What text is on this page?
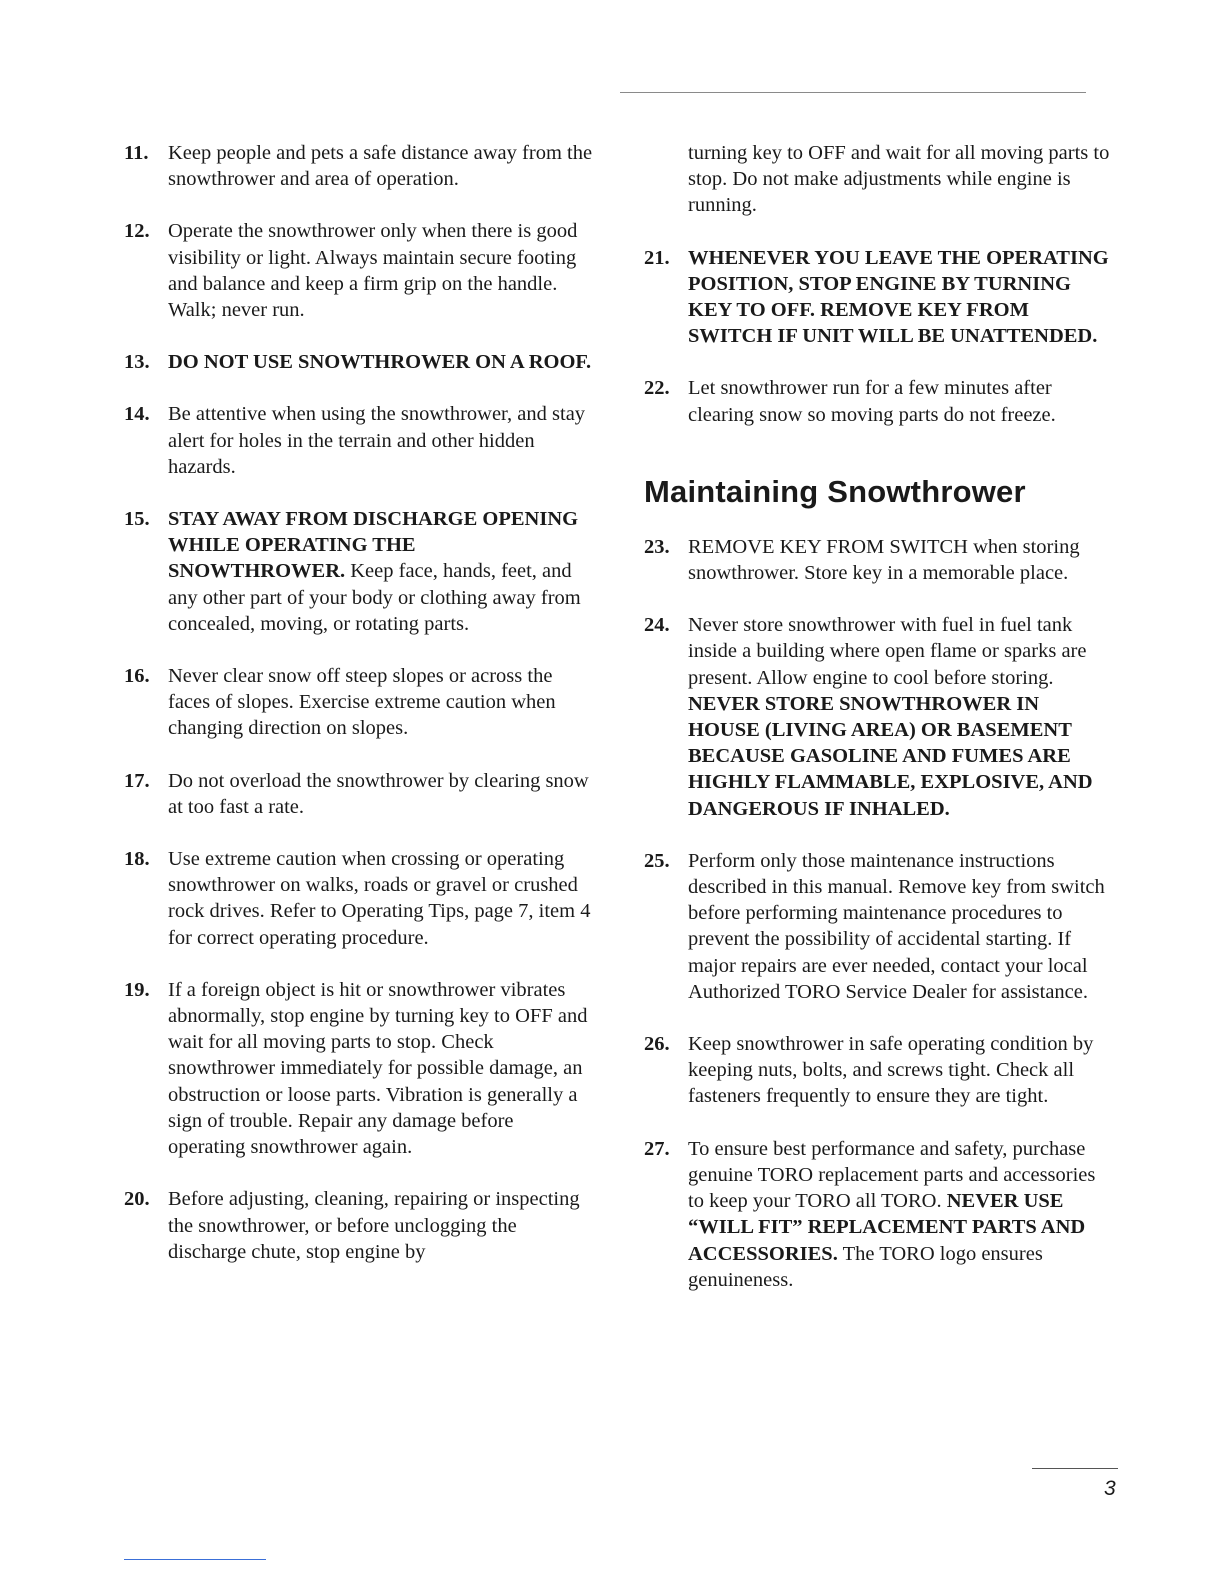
11. Keep people and pets a safe distance away from the snowthrower and area of operation.
12. Operate the snowthrower only when there is good visibility or light. Always maintain secure footing and balance and keep a firm grip on the handle. Walk; never run.
13. DO NOT USE SNOWTHROWER ON A ROOF.
14. Be attentive when using the snowthrower, and stay alert for holes in the terrain and other hidden hazards.
15. STAY AWAY FROM DISCHARGE OPENING WHILE OPERATING THE SNOWTHROWER. Keep face, hands, feet, and any other part of your body or clothing away from concealed, moving, or rotating parts.
16. Never clear snow off steep slopes or across the faces of slopes. Exercise extreme caution when changing direction on slopes.
17. Do not overload the snowthrower by clearing snow at too fast a rate.
18. Use extreme caution when crossing or operating snowthrower on walks, roads or gravel or crushed rock drives. Refer to Operating Tips, page 7, item 4 for correct operating procedure.
19. If a foreign object is hit or snowthrower vibrates abnormally, stop engine by turning key to OFF and wait for all moving parts to stop. Check snowthrower immediately for possible damage, an obstruction or loose parts. Vibration is generally a sign of trouble. Repair any damage before operating snowthrower again.
20. Before adjusting, cleaning, repairing or inspecting the snowthrower, or before unclogging the discharge chute, stop engine by
turning key to OFF and wait for all moving parts to stop. Do not make adjustments while engine is running.
21. WHENEVER YOU LEAVE THE OPERATING POSITION, STOP ENGINE BY TURNING KEY TO OFF. REMOVE KEY FROM SWITCH IF UNIT WILL BE UNATTENDED.
22. Let snowthrower run for a few minutes after clearing snow so moving parts do not freeze.
Maintaining Snowthrower
23. REMOVE KEY FROM SWITCH when storing snowthrower. Store key in a memorable place.
24. Never store snowthrower with fuel in fuel tank inside a building where open flame or sparks are present. Allow engine to cool before storing. NEVER STORE SNOWTHROWER IN HOUSE (LIVING AREA) OR BASEMENT BECAUSE GASOLINE AND FUMES ARE HIGHLY FLAMMABLE, EXPLOSIVE, AND DANGEROUS IF INHALED.
25. Perform only those maintenance instructions described in this manual. Remove key from switch before performing maintenance procedures to prevent the possibility of accidental starting. If major repairs are ever needed, contact your local Authorized TORO Service Dealer for assistance.
26. Keep snowthrower in safe operating condition by keeping nuts, bolts, and screws tight. Check all fasteners frequently to ensure they are tight.
27. To ensure best performance and safety, purchase genuine TORO replacement parts and accessories to keep your TORO all TORO. NEVER USE “WILL FIT” REPLACEMENT PARTS AND ACCESSORIES. The TORO logo ensures genuineness.
3
